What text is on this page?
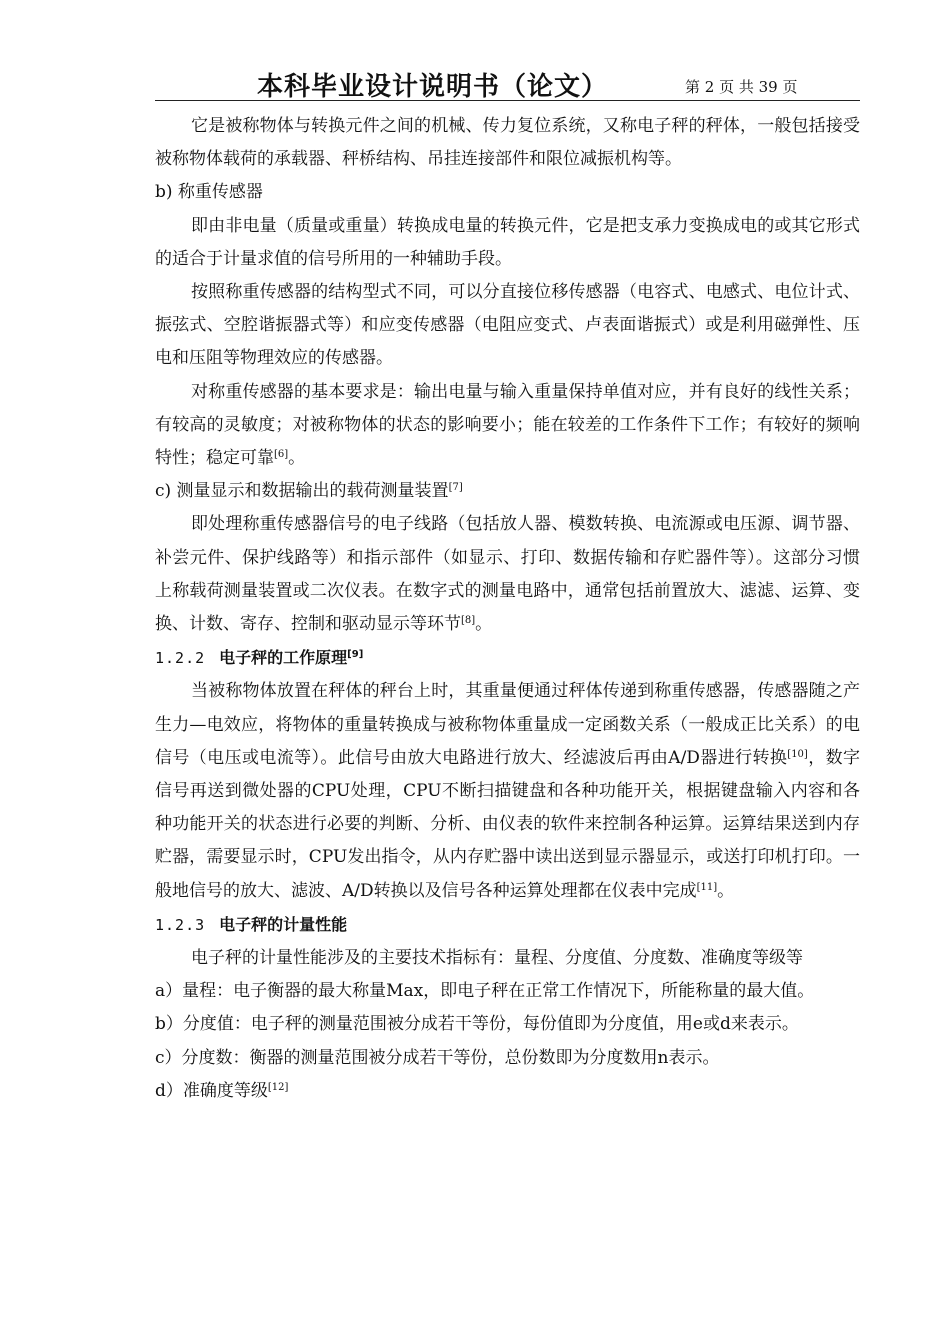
本科毕业设计说明书（论文）	第 2 页 共 39 页

它是被称物体与转换元件之间的机械、传力复位系统，又称电子秤的秤体，一般包括接受被称物体载荷的承载器、秤桥结构、吊挂连接部件和限位减振机构等。

b) 称重传感器

即由非电量（质量或重量）转换成电量的转换元件，它是把支承力变换成电的或其它形式的适合于计量求值的信号所用的一种辅助手段。

按照称重传感器的结构型式不同，可以分直接位移传感器（电容式、电感式、电位计式、振弦式、空腔谐振器式等）和应变传感器（电阻应变式、卢表面谐振式）或是利用磁弹性、压电和压阻等物理效应的传感器。

对称重传感器的基本要求是：输出电量与输入重量保持单值对应，并有良好的线性关系；有较高的灵敏度；对被称物体的状态的影响要小；能在较差的工作条件下工作；有较好的频响特性；稳定可靠[6]。

c) 测量显示和数据输出的载荷测量装置[7]

即处理称重传感器信号的电子线路（包括放人器、模数转换、电流源或电压源、调节器、补尝元件、保护线路等）和指示部件（如显示、打印、数据传输和存贮器件等）。这部分习惯上称载荷测量装置或二次仪表。在数字式的测量电路中，通常包括前置放大、滤滤、运算、变换、计数、寄存、控制和驱动显示等环节[8]。

1.2.2 电子秤的工作原理[9]

当被称物体放置在秤体的秤台上时，其重量便通过秤体传递到称重传感器，传感器随之产生力—电效应，将物体的重量转换成与被称物体重量成一定函数关系（一般成正比关系）的电信号（电压或电流等）。此信号由放大电路进行放大、经滤波后再由A/D器进行转换[10]，数字信号再送到微处器的CPU处理，CPU不断扫描键盘和各种功能开关，根据键盘输入内容和各种功能开关的状态进行必要的判断、分析、由仪表的软件来控制各种运算。运算结果送到内存贮器，需要显示时，CPU发出指令，从内存贮器中读出送到显示器显示，或送打印机打印。一般地信号的放大、滤波、A/D转换以及信号各种运算处理都在仪表中完成[11]。

1.2.3 电子秤的计量性能

电子秤的计量性能涉及的主要技术指标有：量程、分度值、分度数、准确度等级等

a）量程：电子衡器的最大称量Max，即电子秤在正常工作情况下，所能称量的最大值。

b）分度值：电子秤的测量范围被分成若干等份，每份值即为分度值，用e或d来表示。

c）分度数：衡器的测量范围被分成若干等份，总份数即为分度数用n表示。

d）准确度等级[12]
